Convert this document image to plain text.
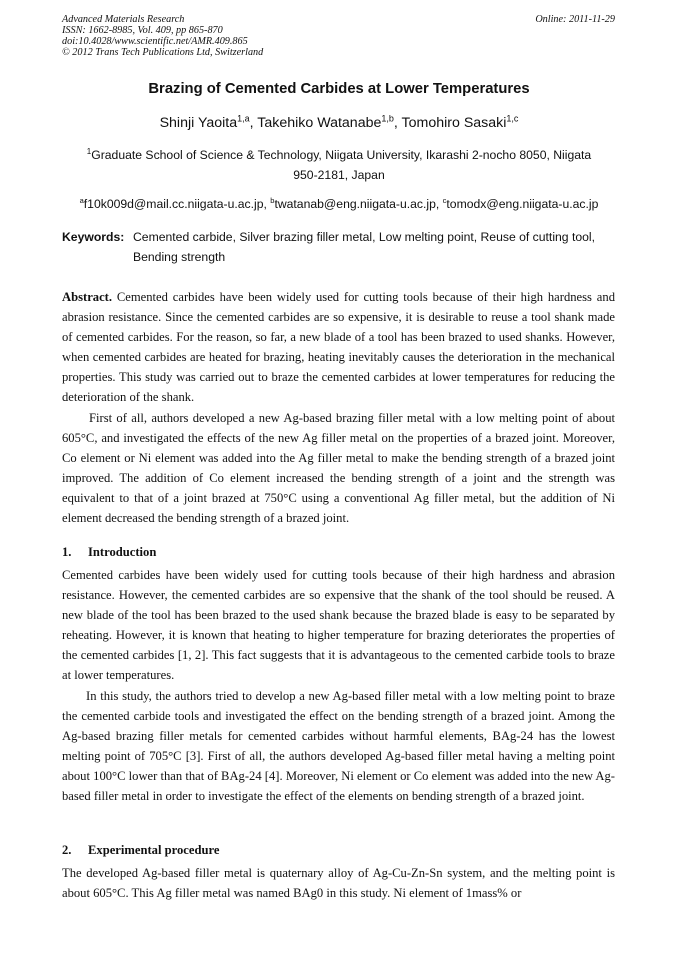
Advanced Materials Research
ISSN: 1662-8985, Vol. 409, pp 865-870
doi:10.4028/www.scientific.net/AMR.409.865
© 2012 Trans Tech Publications Ltd, Switzerland
Online: 2011-11-29
Brazing of Cemented Carbides at Lower Temperatures
Shinji Yaoita$^{1,a}$, Takehiko Watanabe$^{1,b}$, Tomohiro Sasaki$^{1,c}$
$^1$Graduate School of Science & Technology, Niigata University, Ikarashi 2-nocho 8050, Niigata
950-2181, Japan
$^a$f10k009d@mail.cc.niigata-u.ac.jp, $^b$twatanab@eng.niigata-u.ac.jp, $^c$tomodx@eng.niigata-u.ac.jp
Keywords: Cemented carbide, Silver brazing filler metal, Low melting point, Reuse of cutting tool, Bending strength

Abstract. Cemented carbides have been widely used for cutting tools because of their high hardness and abrasion resistance. Since the cemented carbides are so expensive, it is desirable to reuse a tool shank made of cemented carbides. For the reason, so far, a new blade of a tool has been brazed to used shanks. However, when cemented carbides are heated for brazing, heating inevitably causes the deterioration in the mechanical properties. This study was carried out to braze the cemented carbides at lower temperatures for reducing the deterioration of the shank.

First of all, authors developed a new Ag-based brazing filler metal with a low melting point of about 605°C, and investigated the effects of the new Ag filler metal on the properties of a brazed joint. Moreover, Co element or Ni element was added into the Ag filler metal to make the bending strength of a brazed joint improved. The addition of Co element increased the bending strength of a joint and the strength was equivalent to that of a joint brazed at 750°C using a conventional Ag filler metal, but the addition of Ni element decreased the bending strength of a brazed joint.

1. Introduction

Cemented carbides have been widely used for cutting tools because of their high hardness and abrasion resistance. However, the cemented carbides are so expensive that the shank of the tool should be reused. A new blade of the tool has been brazed to the used shank because the brazed blade is easy to be separated by reheating. However, it is known that heating to higher temperature for brazing deteriorates the properties of the cemented carbides [1, 2]. This fact suggests that it is advantageous to the cemented carbide tools to braze at lower temperatures.

In this study, the authors tried to develop a new Ag-based filler metal with a low melting point to braze the cemented carbide tools and investigated the effect on the bending strength of a brazed joint. Among the Ag-based brazing filler metals for cemented carbides without harmful elements, BAg-24 has the lowest melting point of 705°C [3]. First of all, the authors developed Ag-based filler metal having a melting point about 100°C lower than that of BAg-24 [4]. Moreover, Ni element or Co element was added into the new Ag-based filler metal in order to investigate the effect of the elements on bending strength of a brazed joint.

2. Experimental procedure

The developed Ag-based filler metal is quaternary alloy of Ag-Cu-Zn-Sn system, and the melting point is about 605°C. This Ag filler metal was named BAg0 in this study. Ni element of 1mass% or
